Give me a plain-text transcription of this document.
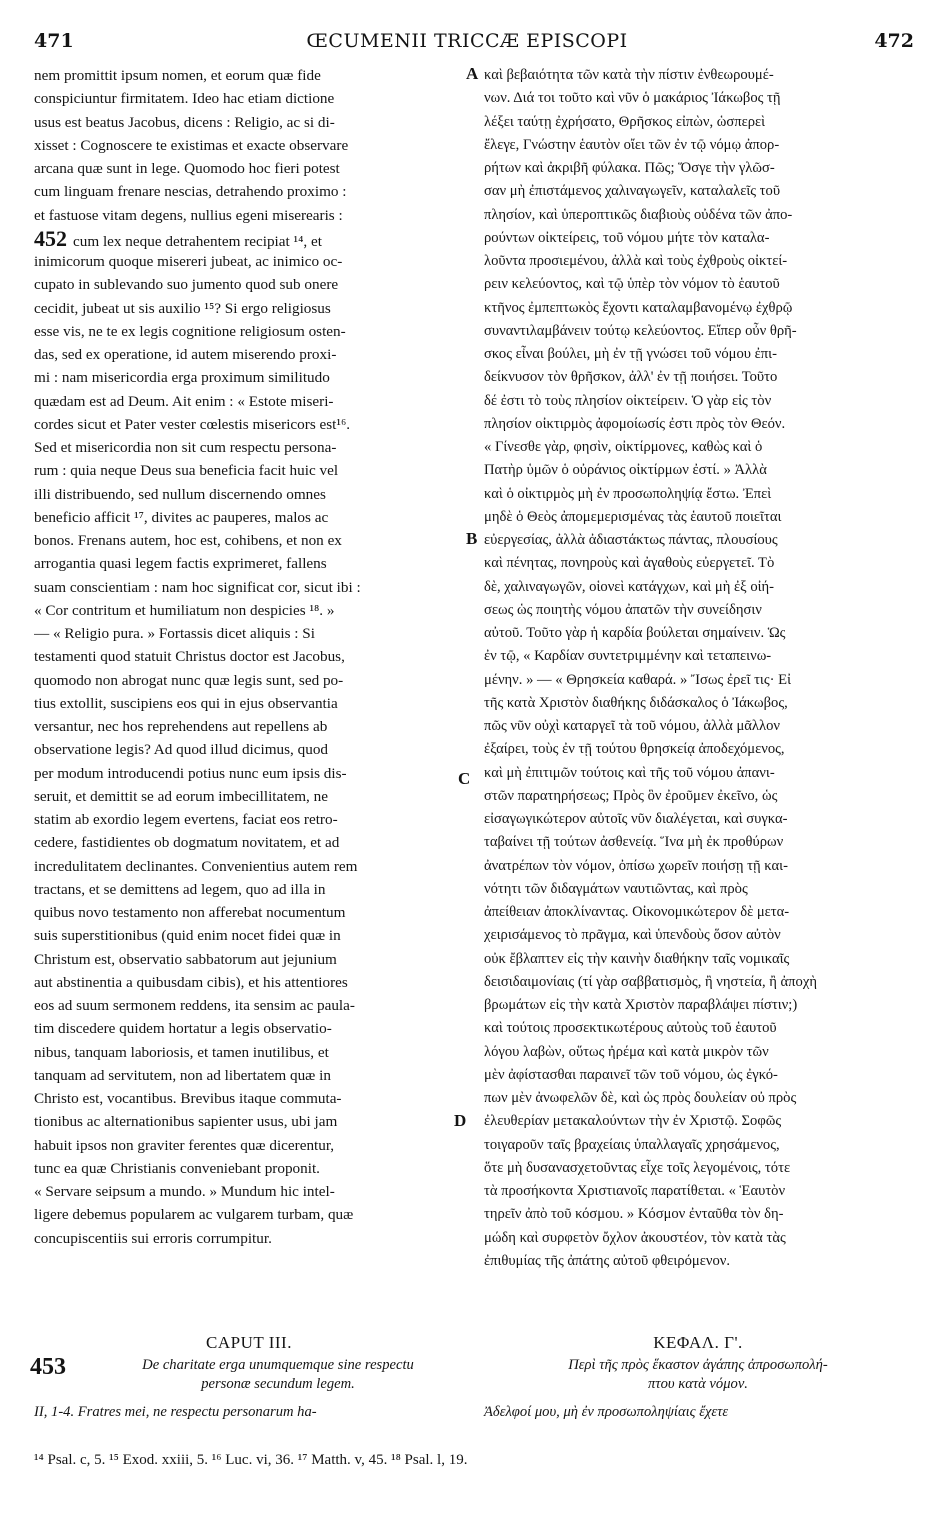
471	ŒCUMENII TRICCÆ EPISCOPI	472
nem promittit ipsum nomen, et eorum quæ fide
conspiciuntur firmitatem. Ideo hac etiam dictione
usus est beatus Jacobus, dicens : Religio, ac si di-
xisset : Cognoscere te existimas et exacte observare
arcana quæ sunt in lege. Quomodo hoc fieri potest
cum linguam frenare nescias, detrahendo proximo :
et fastuose vitam degens, nullius egeni miserearis :
452 cum lex neque detrahentem recipiat ¹⁴, et
inimicorum quoque misereri jubeat, ac inimico oc-
cupato in sublevando suo jumento quod sub onere
cecidit, jubeat ut sis auxilio ¹⁵? Si ergo religiosus
esse vis, ne te ex legis cognitione religiosum osten-
das, sed ex operatione, id autem miserendo proxi-
mi : nam misericordia erga proximum similitudo
quædam est ad Deum. Ait enim : « Estote miseri-
cordes sicut et Pater vester cœlestis misericors est¹⁶.
Sed et misericordia non sit cum respectu persona-
rum : quia neque Deus sua beneficia facit huic vel
illi distribuendo, sed nullum discernendo omnes
beneficio afficit ¹⁷, divites ac pauperes, malos ac
bonos. Frenans autem, hoc est, cohibens, et non ex
arrogantia quasi legem factis exprimeret, fallens
suam conscientiam : nam hoc significat cor, sicut ibi :
« Cor contritum et humiliatum non despicies ¹⁸. »
— « Religio pura. » Fortassis dicet aliquis : Si
testamenti quod statuit Christus doctor est Jacobus,
quomodo non abrogat nunc quæ legis sunt, sed po-
tius extollit, suscipiens eos qui in ejus observantia
versantur, nec hos reprehendens aut repellens ab
observatione legis? Ad quod illud dicimus, quod
per modum introducendi potius nunc eum ipsis dis-
seruit, et demittit se ad eorum imbecillitatem, ne
statim ab exordio legem evertens, faciat eos retro-
cedere, fastidientes ob dogmatum novitatem, et ad
incredulitatem declinantes. Convenientius autem rem
tractans, et se demittens ad legem, quo ad illa in
quibus novo testamento non afferebat nocumentum
suis superstitionibus (quid enim nocet fidei quæ in
Christum est, observatio sabbatorum aut jejunium
aut abstinentia a quibusdam cibis), et his attentiores
eos ad suum sermonem reddens, ita sensim ac paula-
tim discedere quidem hortatur a legis observatio-
nibus, tanquam laboriosis, et tamen inutilibus, et
tanquam ad servitutem, non ad libertatem quæ in
Christo est, vocantibus. Brevibus itaque commuta-
tionibus ac alternationibus sapienter usus, ubi jam
habuit ipsos non graviter ferentes quæ dicerentur,
tunc ea quæ Christianis conveniebant proponit.
« Servare seipsum a mundo. » Mundum hic intel-
ligere debemus popularem ac vulgarem turbam, quæ
concupiscentiis sui erroris corrumpitur.
καὶ βεβαιότητα τῶν κατὰ τὴν πίστιν ἐνθεωρουμέ-
νων. Διά τοι τοῦτο καὶ νῦν ὁ μακάριος Ἰάκωβος τῇ
λέξει ταύτῃ ἐχρήσατο, Θρῆσκος εἰπὼν, ὡσπερεὶ
ἔλεγε, Γνώστην ἑαυτὸν οἴει τῶν ἐν τῷ νόμῳ ἀπορ-
ρήτων καὶ ἀκριβῆ φύλακα. Πῶς; Ὅσγε τὴν γλῶσ-
σαν μὴ ἐπιστάμενος χαλιναγωγεῖν, καταλαλεῖς τοῦ
πλησίον, καὶ ὑπεροπτικῶς διαβιοὺς οὐδένα τῶν ἀπο-
ρούντων οἰκτείρεις, τοῦ νόμου μήτε τὸν καταλα-
λοῦντα προσιεμένου, ἀλλὰ καὶ τοὺς ἐχθροὺς οἰκτεί-
ρειν κελεύοντος, καὶ τῷ ὑπὲρ τὸν νόμον τὸ ἑαυτοῦ
κτῆνος ἐμπεπτωκὸς ἔχοντι καταλαμβανομένῳ ἐχθρῷ
συναντιλαμβάνειν τούτῳ κελεύοντος. Εἴπερ οὖν θρῆ-
σκος εἶναι βούλει, μὴ ἐν τῇ γνώσει τοῦ νόμου ἐπι-
δείκνυσον τὸν θρῆσκον, ἀλλ' ἐν τῇ ποιήσει. Τοῦτο
δέ ἐστι τὸ τοὺς πλησίον οἰκτείρειν. Ὁ γὰρ εἰς τὸν
πλησίον οἰκτιρμὸς ἀφομοίωσίς ἐστι πρὸς τὸν Θεόν.
« Γίνεσθε γὰρ, φησὶν, οἰκτίρμονες, καθὼς καὶ ὁ
Πατὴρ ὑμῶν ὁ οὐράνιος οἰκτίρμων ἐστί. » Ἀλλὰ
καὶ ὁ οἰκτιρμὸς μὴ ἐν προσωποληψίᾳ ἔστω. Ἐπεὶ
μηδὲ ὁ Θεὸς ἀπομεμερισμένας τὰς ἑαυτοῦ ποιεῖται
εὐεργεσίας, ἀλλὰ ἀδιαστάκτως πάντας, πλουσίους
καὶ πένητας, πονηροὺς καὶ ἀγαθοὺς εὐεργετεῖ. Τὸ
δὲ, χαλιναγωγῶν, οἱονεὶ κατάγχων, καὶ μὴ ἐξ οἰή-
σεως ὡς ποιητὴς νόμου ἀπατῶν τὴν συνείδησιν
αὐτοῦ. Τοῦτο γὰρ ἡ καρδία βούλεται σημαίνειν. Ὡς
ἐν τῷ, « Καρδίαν συντετριμμένην καὶ τεταπεινω-
μένην. » — « Θρησκεία καθαρά. » Ἴσως ἐρεῖ τις· Εἰ
τῆς κατὰ Χριστὸν διαθήκης διδάσκαλος ὁ Ἰάκωβος,
πῶς νῦν οὐχὶ καταργεῖ τὰ τοῦ νόμου, ἀλλὰ μᾶλλον
ἐξαίρει, τοὺς ἐν τῇ τούτου θρησκείᾳ ἀποδεχόμενος,
καὶ μὴ ἐπιτιμῶν τούτοις καὶ τῆς τοῦ νόμου ἀπανι-
στῶν παρατηρήσεως; Πρὸς ὃν ἐροῦμεν ἐκεῖνο, ὡς
εἰσαγωγικώτερον αὐτοῖς νῦν διαλέγεται, καὶ συγκα-
ταβαίνει τῇ τούτων ἀσθενείᾳ. Ἵνα μὴ ἐκ προθύρων
ἀνατρέπων τὸν νόμον, ὀπίσω χωρεῖν ποιήσῃ τῇ και-
νότητι τῶν διδαγμάτων ναυτιῶντας, καὶ πρὸς
ἀπείθειαν ἀποκλίναντας. Οἰκονομικώτερον δὲ μετα-
χειρισάμενος τὸ πρᾶγμα, καὶ ὑπενδοὺς ὅσον αὐτὸν
οὐκ ἔβλαπτεν εἰς τὴν καινὴν διαθήκην ταῖς νομικαῖς
δεισιδαιμονίαις (τί γὰρ σαββατισμὸς, ἢ νηστεία, ἢ ἀποχὴ
βρωμάτων εἰς τὴν κατὰ Χριστὸν παραβλάψει πίστιν;)
καὶ τούτοις προσεκτικωτέρους αὐτοὺς τοῦ ἑαυτοῦ
λόγου λαβὼν, οὕτως ἠρέμα καὶ κατὰ μικρὸν τῶν
μὲν ἀφίστασθαι παραινεῖ τῶν τοῦ νόμου, ὡς ἐγκό-
πων μὲν ἀνωφελῶν δὲ, καὶ ὡς πρὸς δουλείαν οὐ πρὸς
ἐλευθερίαν μετακαλούντων τὴν ἐν Χριστῷ. Σοφῶς
τοιγαροῦν ταῖς βραχείαις ὑπαλλαγαῖς χρησάμενος,
ὅτε μὴ δυσανασχετοῦντας εἶχε τοῖς λεγομένοις, τότε
τὰ προσήκοντα Χριστιανοῖς παρατίθεται. « Ἑαυτὸν
τηρεῖν ἀπὸ τοῦ κόσμου. » Κόσμον ἐνταῦθα τὸν δη-
μώδη καὶ συρφετὸν ὄχλον ἀκουστέον, τὸν κατὰ τὰς
ἐπιθυμίας τῆς ἀπάτης αὐτοῦ φθειρόμενον.
A
B
C
D
CAPUT III.	ΚΕΦΑΛ. Γ'.
453	De charitate erga unumquemque sine respectu
personæ secundum legem.
Περὶ τῆς πρὸς ἕκαστον ἀγάπης ἀπροσωπολή-
πτου κατὰ νόμον.
II, 1-4. Fratres mei, ne respectu personarum ha-	Ἀδελφοί μου, μὴ ἐν προσωποληψίαις ἔχετε
¹⁴ Psal. c, 5. ¹⁵ Exod. xxiii, 5. ¹⁶ Luc. vi, 36. ¹⁷ Matth. v, 45. ¹⁸ Psal. l, 19.
